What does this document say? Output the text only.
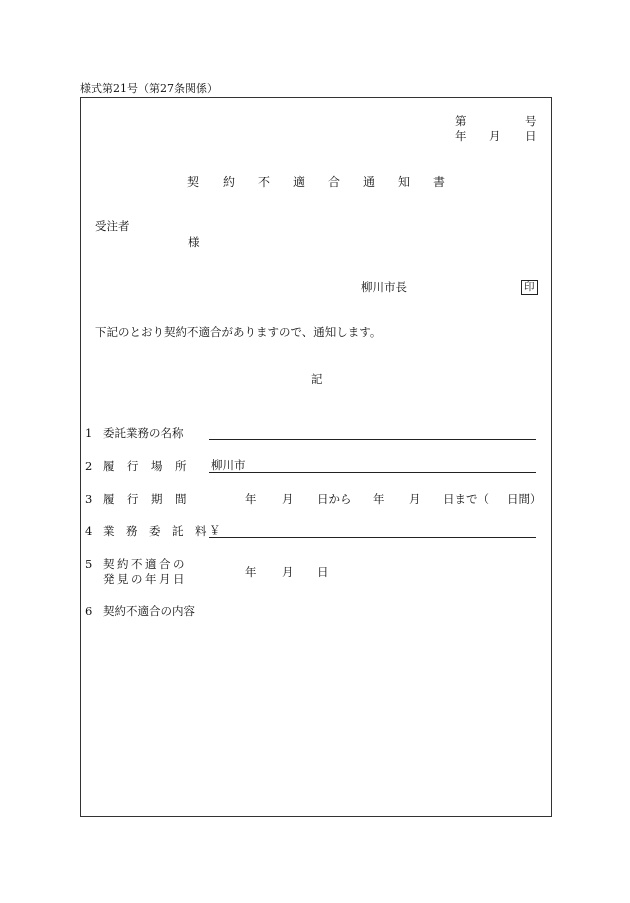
様式第21号（第27条関係）
第	号
年 月 日
契 約 不 適 合 通 知 書
受注者
様
柳川市長	印
下記のとおり契約不適合がありますので、通知します。
記
1 委託業務の名称
2 履　行　場　所 柳川市
3 履　行　期　間	年 月 日から 年 月 日まで（ 日間）
4 業　務　委　託　料 ￥
5 契約不適合の
発見の年月日	年 月 日
6 契約不適合の内容
